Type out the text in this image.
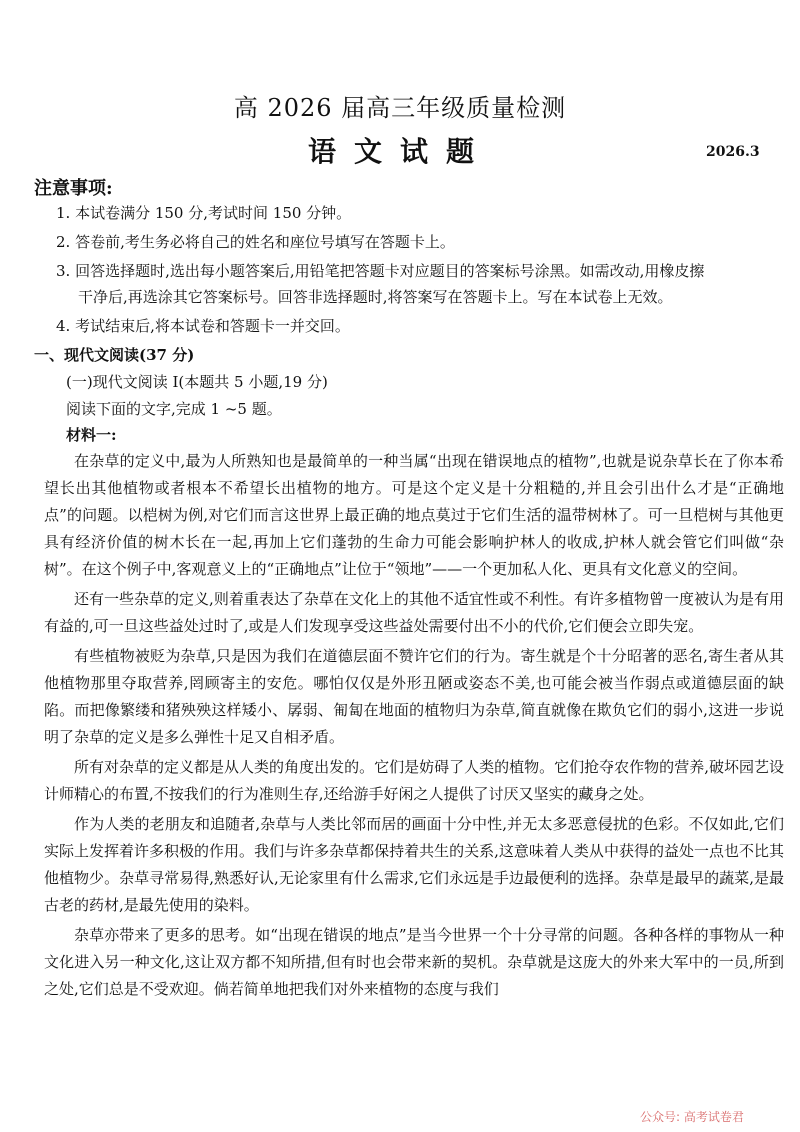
高 2026 届高三年级质量检测
语文试题	2026.3
注意事项:
1. 本试卷满分 150 分,考试时间 150 分钟。
2. 答卷前,考生务必将自己的姓名和座位号填写在答题卡上。
3. 回答选择题时,选出每小题答案后,用铅笔把答题卡对应题目的答案标号涂黑。如需改动,用橡皮擦
干净后,再选涂其它答案标号。回答非选择题时,将答案写在答题卡上。写在本试卷上无效。
4. 考试结束后,将本试卷和答题卡一并交回。
一、现代文阅读(37 分)
(一)现代文阅读 I(本题共 5 小题,19 分)
阅读下面的文字,完成 1 ~5 题。
材料一:

在杂草的定义中,最为人所熟知也是最简单的一种当属“出现在错误地点的植物”,也就是说杂草长在了你本希望长出其他植物或者根本不希望长出植物的地方。可是这个定义是十分粗糙的,并且会引出什么才是“正确地点”的问题。以桤树为例,对它们而言这世界上最正确的地点莫过于它们生活的温带树林了。可一旦桤树与其他更具有经济价值的树木长在一起,再加上它们蓬勃的生命力可能会影响护林人的收成,护林人就会管它们叫做“杂树”。在这个例子中,客观意义上的“正确地点”让位于“领地”——一个更加私人化、更具有文化意义的空间。

还有一些杂草的定义,则着重表达了杂草在文化上的其他不适宜性或不利性。有许多植物曾一度被认为是有用有益的,可一旦这些益处过时了,或是人们发现享受这些益处需要付出不小的代价,它们便会立即失宠。

有些植物被贬为杂草,只是因为我们在道德层面不赞许它们的行为。寄生就是个十分昭著的恶名,寄生者从其他植物那里夺取营养,罔顾寄主的安危。哪怕仅仅是外形丑陋或姿态不美,也可能会被当作弱点或道德层面的缺陷。而把像繁缕和猪殃殃这样矮小、孱弱、匍匐在地面的植物归为杂草,简直就像在欺负它们的弱小,这进一步说明了杂草的定义是多么弹性十足又自相矛盾。

所有对杂草的定义都是从人类的角度出发的。它们是妨碍了人类的植物。它们抢夺农作物的营养,破坏园艺设计师精心的布置,不按我们的行为准则生存,还给游手好闲之人提供了讨厌又坚实的藏身之处。

作为人类的老朋友和追随者,杂草与人类比邻而居的画面十分中性,并无太多恶意侵扰的色彩。不仅如此,它们实际上发挥着许多积极的作用。我们与许多杂草都保持着共生的关系,这意味着人类从中获得的益处一点也不比其他植物少。杂草寻常易得,熟悉好认,无论家里有什么需求,它们永远是手边最便利的选择。杂草是最早的蔬菜,是最古老的药材,是最先使用的染料。

杂草亦带来了更多的思考。如“出现在错误的地点”是当今世界一个十分寻常的问题。各种各样的事物从一种文化进入另一种文化,这让双方都不知所措,但有时也会带来新的契机。杂草就是这庞大的外来大军中的一员,所到之处,它们总是不受欢迎。倘若简单地把我们对外来植物的态度与我们

公众号: 高考试卷君
